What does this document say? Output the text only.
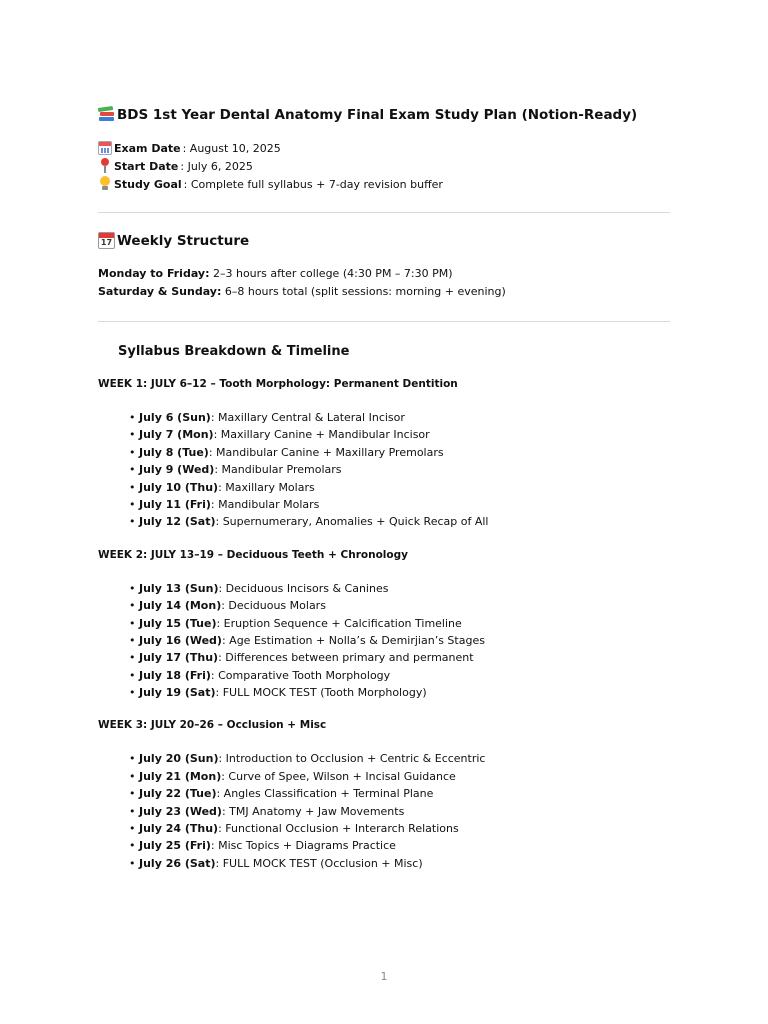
BDS 1st Year Dental Anatomy Final Exam Study Plan (Notion-Ready)
Exam Date : August 10, 2025
Start Date : July 6, 2025
Study Goal : Complete full syllabus + 7-day revision buffer
17 Weekly Structure
Monday to Friday: 2–3 hours after college (4:30 PM – 7:30 PM)
Saturday & Sunday: 6–8 hours total (split sessions: morning + evening)
Syllabus Breakdown & Timeline
WEEK 1: JULY 6–12 – Tooth Morphology: Permanent Dentition
• July 6 (Sun): Maxillary Central & Lateral Incisor
• July 7 (Mon): Maxillary Canine + Mandibular Incisor
• July 8 (Tue): Mandibular Canine + Maxillary Premolars
• July 9 (Wed): Mandibular Premolars
• July 10 (Thu): Maxillary Molars
• July 11 (Fri): Mandibular Molars
• July 12 (Sat): Supernumerary, Anomalies + Quick Recap of All
WEEK 2: JULY 13–19 – Deciduous Teeth + Chronology
• July 13 (Sun): Deciduous Incisors & Canines
• July 14 (Mon): Deciduous Molars
• July 15 (Tue): Eruption Sequence + Calcification Timeline
• July 16 (Wed): Age Estimation + Nolla’s & Demirjian’s Stages
• July 17 (Thu): Differences between primary and permanent
• July 18 (Fri): Comparative Tooth Morphology
• July 19 (Sat): FULL MOCK TEST (Tooth Morphology)
WEEK 3: JULY 20–26 – Occlusion + Misc
• July 20 (Sun): Introduction to Occlusion + Centric & Eccentric
• July 21 (Mon): Curve of Spee, Wilson + Incisal Guidance
• July 22 (Tue): Angles Classification + Terminal Plane
• July 23 (Wed): TMJ Anatomy + Jaw Movements
• July 24 (Thu): Functional Occlusion + Interarch Relations
• July 25 (Fri): Misc Topics + Diagrams Practice
• July 26 (Sat): FULL MOCK TEST (Occlusion + Misc)
1
